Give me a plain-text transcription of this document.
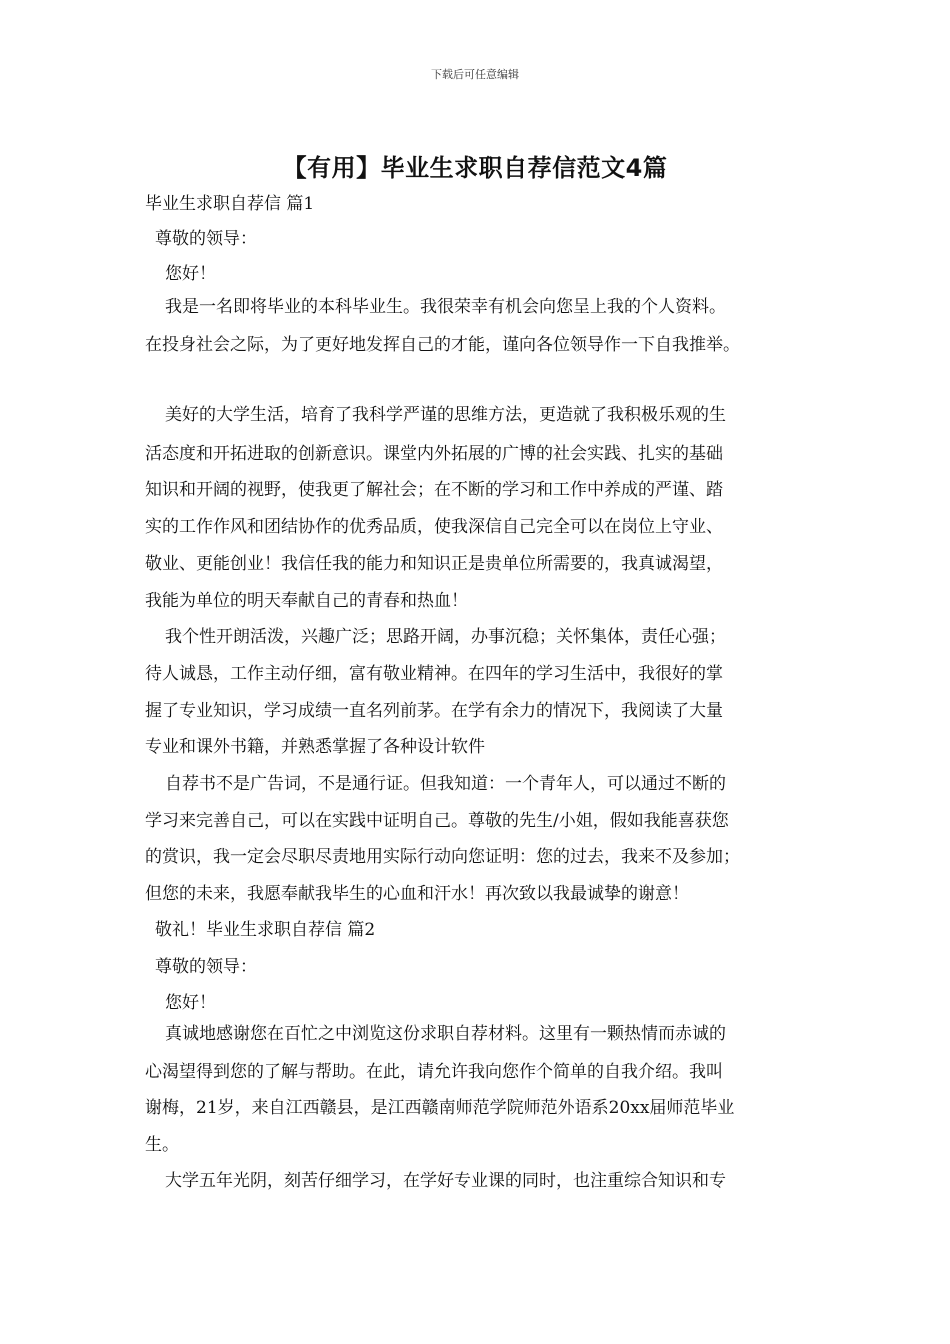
下载后可任意编辑
【有用】毕业生求职自荐信范文4篇
毕业生求职自荐信 篇1
尊敬的领导：
您好！
我是一名即将毕业的本科毕业生。我很荣幸有机会向您呈上我的个人资料。
在投身社会之际，为了更好地发挥自己的才能，谨向各位领导作一下自我推举。
美好的大学生活，培育了我科学严谨的思维方法，更造就了我积极乐观的生
活态度和开拓进取的创新意识。课堂内外拓展的广博的社会实践、扎实的基础
知识和开阔的视野，使我更了解社会；在不断的学习和工作中养成的严谨、踏
实的工作作风和团结协作的优秀品质，使我深信自己完全可以在岗位上守业、
敬业、更能创业！我信任我的能力和知识正是贵单位所需要的，我真诚渴望，
我能为单位的明天奉献自己的青春和热血！
我个性开朗活泼，兴趣广泛；思路开阔，办事沉稳；关怀集体，责任心强；
待人诚恳，工作主动仔细，富有敬业精神。在四年的学习生活中，我很好的掌
握了专业知识，学习成绩一直名列前茅。在学有余力的情况下，我阅读了大量
专业和课外书籍，并熟悉掌握了各种设计软件
自荐书不是广告词，不是通行证。但我知道：一个青年人，可以通过不断的
学习来完善自己，可以在实践中证明自己。尊敬的先生/小姐，假如我能喜获您
的赏识，我一定会尽职尽责地用实际行动向您证明：您的过去，我来不及参加；
但您的未来，我愿奉献我毕生的心血和汗水！再次致以我最诚挚的谢意！
敬礼！毕业生求职自荐信 篇2
尊敬的领导：
您好！
真诚地感谢您在百忙之中浏览这份求职自荐材料。这里有一颗热情而赤诚的
心渴望得到您的了解与帮助。在此，请允许我向您作个简单的自我介绍。我叫
谢梅，21岁，来自江西赣县，是江西赣南师范学院师范外语系20xx届师范毕业
生。
大学五年光阴，刻苦仔细学习，在学好专业课的同时，也注重综合知识和专
